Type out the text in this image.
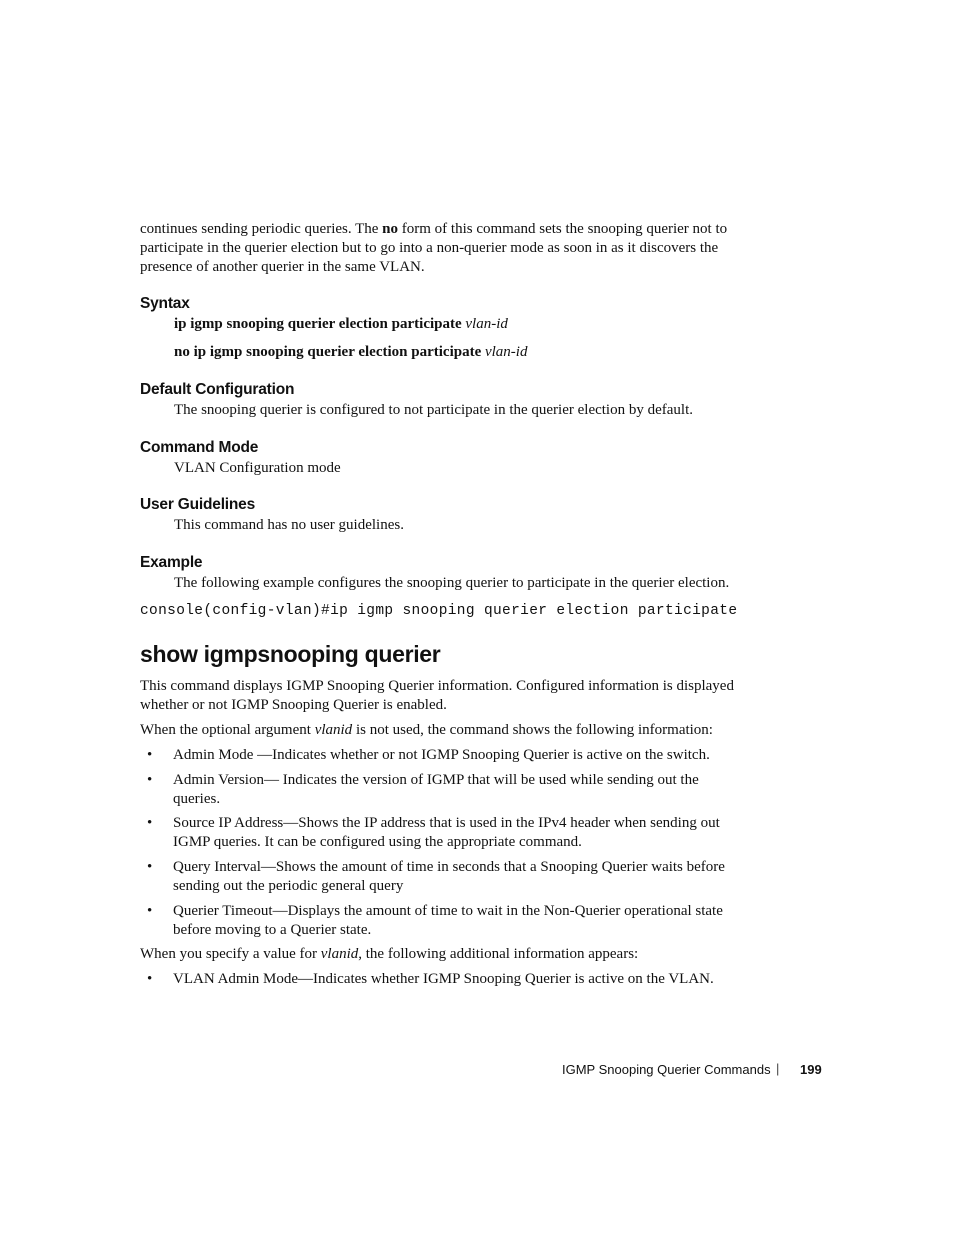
continues sending periodic queries. The no form of this command sets the snooping querier not to
participate in the querier election but to go into a non-querier mode as soon in as it discovers the
presence of another querier in the same VLAN.
Syntax
ip igmp snooping querier election participate vlan-id
no ip igmp snooping querier election participate vlan-id
Default Configuration
The snooping querier is configured to not participate in the querier election by default.
Command Mode
VLAN Configuration mode
User Guidelines
This command has no user guidelines.
Example
The following example configures the snooping querier to participate in the querier election.
console(config-vlan)#ip igmp snooping querier election participate
show igmpsnooping querier
This command displays IGMP Snooping Querier information. Configured information is displayed
whether or not IGMP Snooping Querier is enabled.
When the optional argument vlanid is not used, the command shows the following information:
• Admin Mode —Indicates whether or not IGMP Snooping Querier is active on the switch.
• Admin Version— Indicates the version of IGMP that will be used while sending out the
queries.
• Source IP Address—Shows the IP address that is used in the IPv4 header when sending out
IGMP queries. It can be configured using the appropriate command.
• Query Interval—Shows the amount of time in seconds that a Snooping Querier waits before
sending out the periodic general query
• Querier Timeout—Displays the amount of time to wait in the Non-Querier operational state
before moving to a Querier state.
When you specify a value for vlanid, the following additional information appears:
• VLAN Admin Mode—Indicates whether IGMP Snooping Querier is active on the VLAN.
IGMP Snooping Querier Commands | 199
